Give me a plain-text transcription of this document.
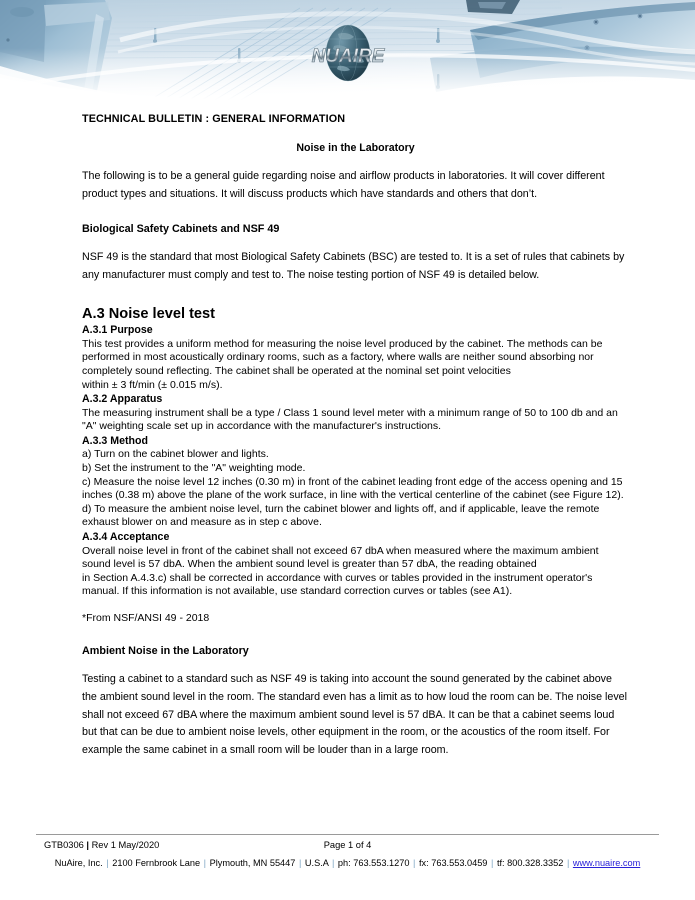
NUAIRE
TECHNICAL BULLETIN : GENERAL INFORMATION
Noise in the Laboratory

The following is to be a general guide regarding noise and airflow products in laboratories. It will cover different product types and situations. It will discuss products which have standards and others that don’t.

Biological Safety Cabinets and NSF 49

NSF 49 is the standard that most Biological Safety Cabinets (BSC) are tested to. It is a set of rules that cabinets by any manufacturer must comply and test to. The noise testing portion of NSF 49 is detailed below.

A.3 Noise level test
A.3.1 Purpose

This test provides a uniform method for measuring the noise level produced by the cabinet. The methods can be performed in most acoustically ordinary rooms, such as a factory, where walls are neither sound absorbing nor completely sound reflecting. The cabinet shall be operated at the nominal set point velocities

within ± 3 ft/min (± 0.015 m/s).

A.3.2 Apparatus

The measuring instrument shall be a type / Class 1 sound level meter with a minimum range of 50 to 100 db and an "A" weighting scale set up in accordance with the manufacturer's instructions.

A.3.3 Method

a) Turn on the cabinet blower and lights.

b) Set the instrument to the "A" weighting mode.

c) Measure the noise level 12 inches (0.30 m) in front of the cabinet leading front edge of the access opening and 15 inches (0.38 m) above the plane of the work surface, in line with the vertical centerline of the cabinet (see Figure 12).

d) To measure the ambient noise level, turn the cabinet blower and lights off, and if applicable, leave the remote exhaust blower on and measure as in step c above.

A.3.4 Acceptance

Overall noise level in front of the cabinet shall not exceed 67 dbA when measured where the maximum ambient sound level is 57 dbA. When the ambient sound level is greater than 57 dbA, the reading obtained

in Section A.4.3.c) shall be corrected in accordance with curves or tables provided in the instrument operator's manual. If this information is not available, use standard correction curves or tables (see A1).

*From NSF/ANSI 49 - 2018

Ambient Noise in the Laboratory

Testing a cabinet to a standard such as NSF 49 is taking into account the sound generated by the cabinet above the ambient sound level in the room. The standard even has a limit as to how loud the room can be. The noise level shall not exceed 67 dBA where the maximum ambient sound level is 57 dBA. It can be that a cabinet seems loud but that can be due to ambient noise levels, other equipment in the room, or the acoustics of the room itself. For example the same cabinet in a small room will be louder than in a large room.

GTB0306 | Rev 1 May/2020	Page 1 of 4
NuAire, Inc. | 2100 Fernbrook Lane | Plymouth, MN 55447 | U.S.A | ph: 763.553.1270 | fx: 763.553.0459 | tf: 800.328.3352 | www.nuaire.com
